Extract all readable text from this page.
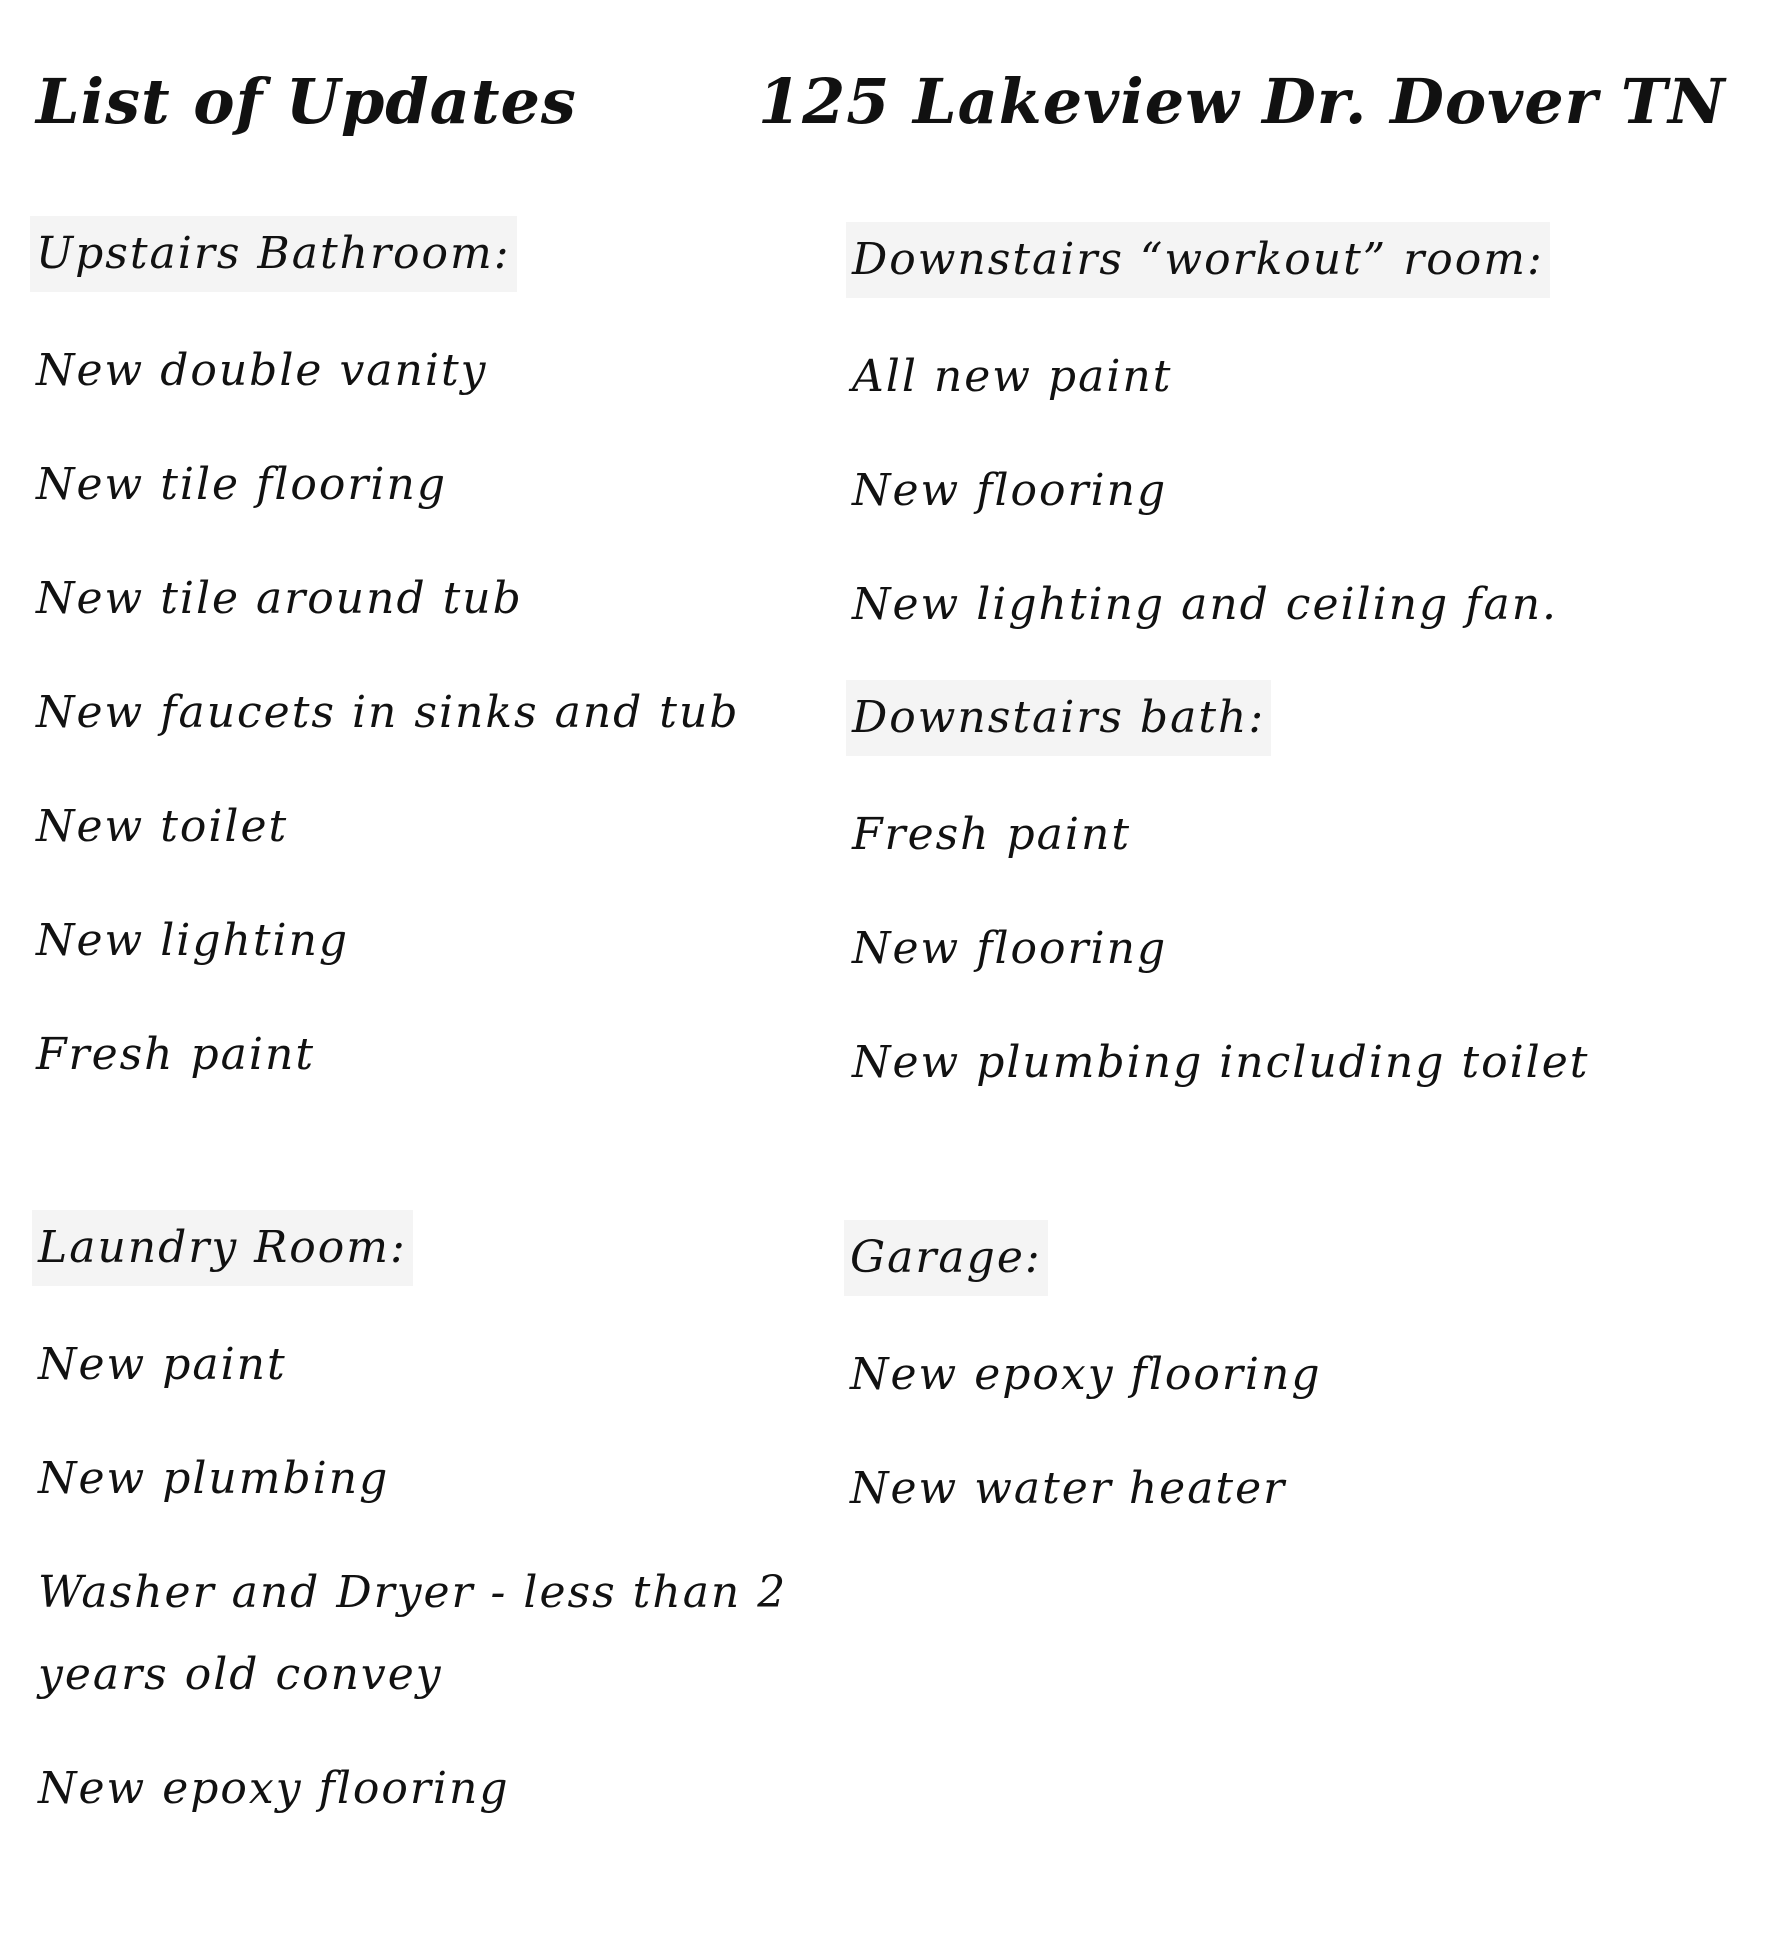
List of Updates	125 Lakeview Dr. Dover TN
Upstairs Bathroom:
New double vanity
New tile flooring
New tile around tub
New faucets in sinks and tub
New toilet
New lighting
Fresh paint
Downstairs “workout” room:
All new paint
New flooring
New lighting and ceiling fan.
Downstairs bath:
Fresh paint
New flooring
New plumbing including toilet
Laundry Room:
New paint
New plumbing
Washer and Dryer - less than 2
years old convey
New epoxy flooring
Garage:
New epoxy flooring
New water heater
